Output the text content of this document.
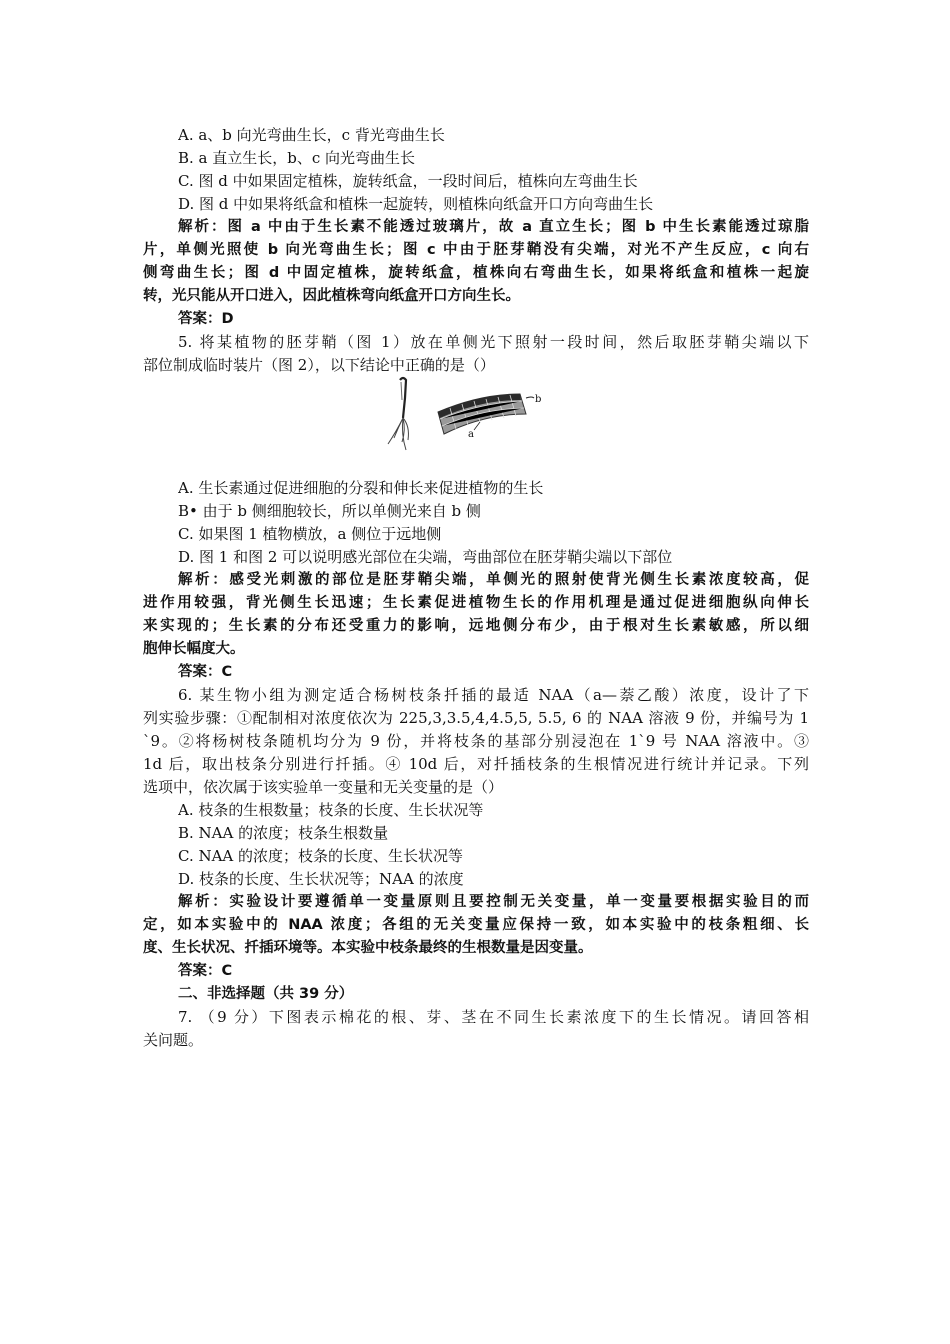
A. a、b 向光弯曲生长，c 背光弯曲生长
B. a 直立生长，b、c 向光弯曲生长
C. 图 d 中如果固定植株，旋转纸盒，一段时间后，植株向左弯曲生长
D. 图 d 中如果将纸盒和植株一起旋转，则植株向纸盒开口方向弯曲生长
解析：图 a 中由于生长素不能透过玻璃片，故 a 直立生长；图 b 中生长素能透过琼脂
片，单侧光照使 b 向光弯曲生长；图 c 中由于胚芽鞘没有尖端，对光不产生反应，c 向右
侧弯曲生长；图 d 中固定植株，旋转纸盒，植株向右弯曲生长，如果将纸盒和植株一起旋
转，光只能从开口进入，因此植株弯向纸盒开口方向生长。
答案：D
5. 将某植物的胚芽鞘（图 1）放在单侧光下照射一段时间，然后取胚芽鞘尖端以下
部位制成临时装片（图 2），以下结论中正确的是（）
b
a
A. 生长素通过促进细胞的分裂和伸长来促进植物的生长
B• 由于 b 侧细胞较长，所以单侧光来自 b 侧
C. 如果图 1 植物横放，a 侧位于远地侧
D. 图 1 和图 2 可以说明感光部位在尖端，弯曲部位在胚芽鞘尖端以下部位
解析：感受光刺激的部位是胚芽鞘尖端，单侧光的照射使背光侧生长素浓度较高，促
进作用较强，背光侧生长迅速；生长素促进植物生长的作用机理是通过促进细胞纵向伸长
来实现的；生长素的分布还受重力的影响，远地侧分布少，由于根对生长素敏感，所以细
胞伸长幅度大。
答案：C
6. 某生物小组为测定适合杨树枝条扦插的最适 NAA（a—萘乙酸）浓度，设计了下
列实验步骤：①配制相对浓度依次为 225,3,3.5,4,4.5,5, 5.5, 6 的 NAA 溶液 9 份，并编号为 1
`9。②将杨树枝条随机均分为 9 份，并将枝条的基部分别浸泡在 1`9 号 NAA 溶液中。③
1d 后，取出枝条分别进行扦插。④ 10d 后，对扦插枝条的生根情况进行统计并记录。下列
选项中，依次属于该实验单一变量和无关变量的是（）
A. 枝条的生根数量；枝条的长度、生长状况等
B. NAA 的浓度；枝条生根数量
C. NAA 的浓度；枝条的长度、生长状况等
D. 枝条的长度、生长状况等；NAA 的浓度
解析：实验设计要遵循单一变量原则且要控制无关变量，单一变量要根据实验目的而
定，如本实验中的 NAA 浓度；各组的无关变量应保持一致，如本实验中的枝条粗细、长
度、生长状况、扦插环境等。本实验中枝条最终的生根数量是因变量。
答案：C
二、非选择题（共 39 分）
7. （9 分）下图表示棉花的根、芽、茎在不同生长素浓度下的生长情况。请回答相
关问题。
